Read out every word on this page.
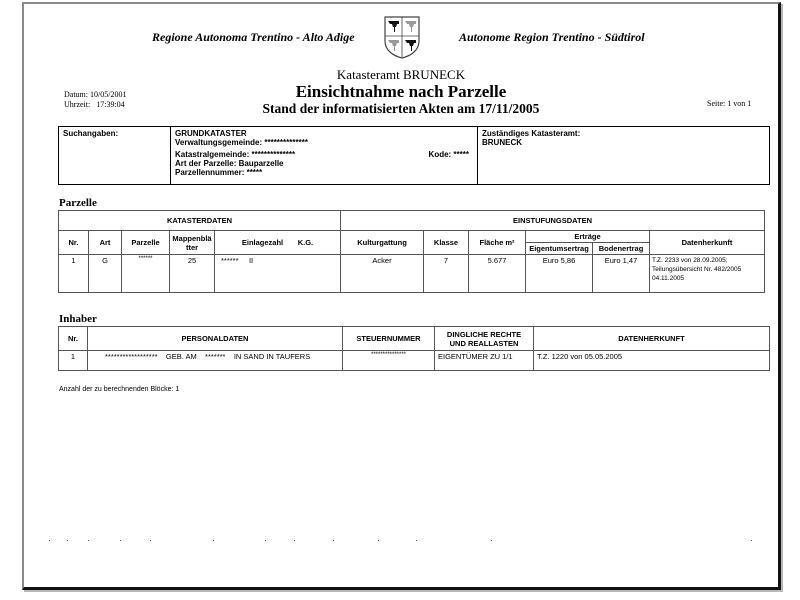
Regione Autonoma Trentino - Alto Adige	Autonome Region Trentino - Südtirol
Katasteramt BRUNECK
Einsichtnahme nach Parzelle
Stand der informatisierten Akten am 17/11/2005
Datum: 10/05/2001
Uhrzeit: 17:39:04	Seite: 1 von 1
Suchangaben:	GRUNDKATASTER
Verwaltungsgemeinde: **************
Katastralgemeinde: **************	Kode: *****
Art der Parzelle: Bauparzelle
Parzellennummer: *****

Zuständiges Katasteramt:
BRUNECK
Parzelle
KATASTERDATEN					EINSTUFUNGSDATEN					
Nr.	Art	Parzelle	Mappenblä tter	Einlagezahl K.G.	Kulturgattung	Klasse	Fläche m²	Erträge		Datenherkunft
								Eigentumsertrag	Bodenertrag	
1	G	******	25	****** II	Acker	7	5.677	Euro 5,86	Euro 1,47	T.Z. 2233 von 28.09.2005; Teilungsübersicht Nr. 482/2005 04.11.2005
Inhaber
Nr.	PERSONALDATEN	STEUERNUMMER	DINGLICHE RECHTE UND REALLASTEN	DATENHERKUNFT
1	******************    GEB. AM    *******    IN SAND IN TAUFERS	***************	EIGENTÜMER ZU 1/1	T.Z. 1220 von 05.05.2005
Anzahl der zu berechnenden Blöcke: 1
